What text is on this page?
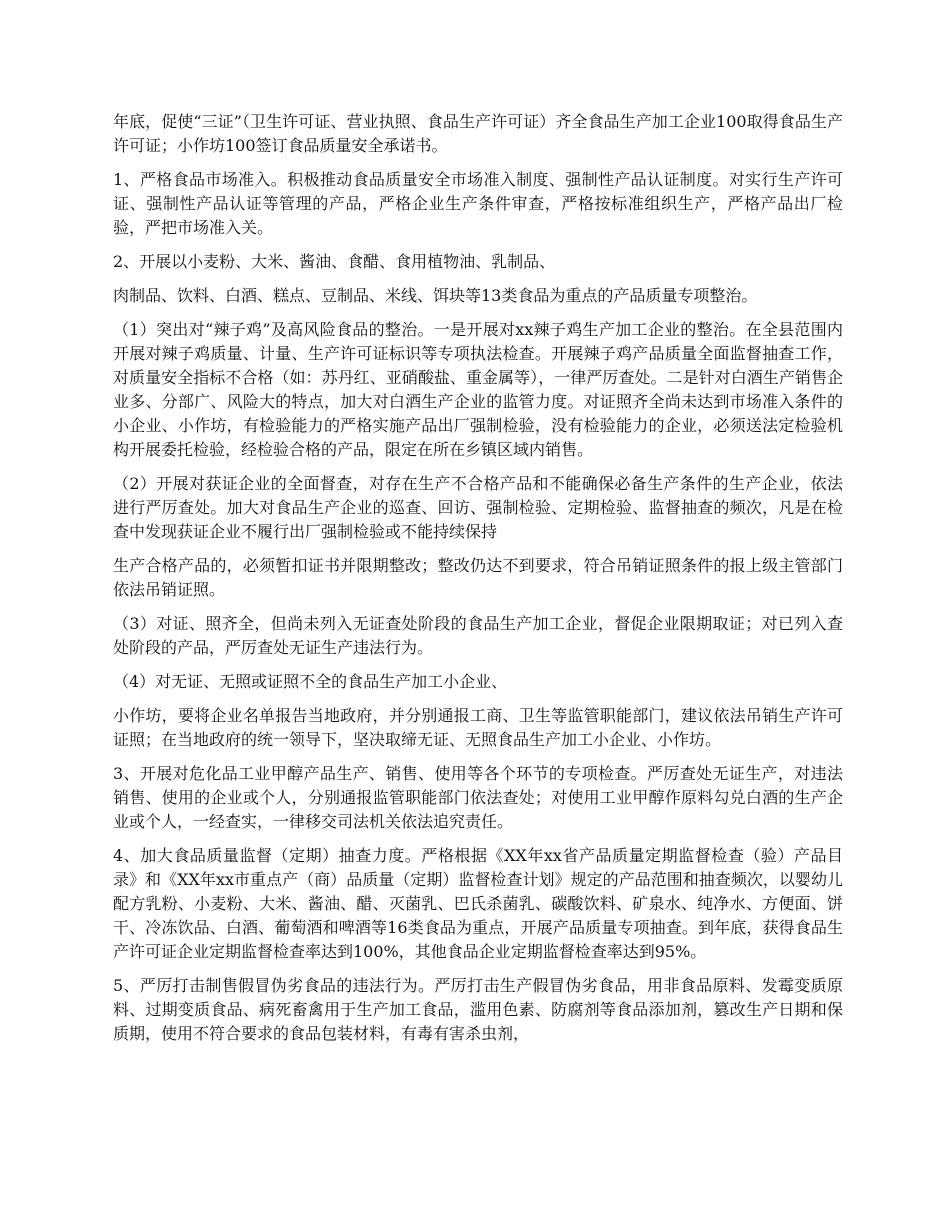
年底，促使“三证”（卫生许可证、营业执照、食品生产许可证）齐全食品生产加工企业100取得食品生产许可证；小作坊100签订食品质量安全承诺书。

1、严格食品市场准入。积极推动食品质量安全市场准入制度、强制性产品认证制度。对实行生产许可证、强制性产品认证等管理的产品，严格企业生产条件审查，严格按标准组织生产，严格产品出厂检验，严把市场准入关。

2、开展以小麦粉、大米、酱油、食醋、食用植物油、乳制品、

肉制品、饮料、白酒、糕点、豆制品、米线、饵块等13类食品为重点的产品质量专项整治。

（1）突出对“辣子鸡”及高风险食品的整治。一是开展对xx辣子鸡生产加工企业的整治。在全县范围内开展对辣子鸡质量、计量、生产许可证标识等专项执法检查。开展辣子鸡产品质量全面监督抽查工作，对质量安全指标不合格（如：苏丹红、亚硝酸盐、重金属等），一律严厉查处。二是针对白酒生产销售企业多、分部广、风险大的特点，加大对白酒生产企业的监管力度。对证照齐全尚未达到市场准入条件的小企业、小作坊，有检验能力的严格实施产品出厂强制检验，没有检验能力的企业，必须送法定检验机构开展委托检验，经检验合格的产品，限定在所在乡镇区域内销售。

（2）开展对获证企业的全面督查，对存在生产不合格产品和不能确保必备生产条件的生产企业，依法进行严厉查处。加大对食品生产企业的巡查、回访、强制检验、定期检验、监督抽查的频次，凡是在检查中发现获证企业不履行出厂强制检验或不能持续保持

生产合格产品的，必须暂扣证书并限期整改；整改仍达不到要求，符合吊销证照条件的报上级主管部门依法吊销证照。

（3）对证、照齐全，但尚未列入无证查处阶段的食品生产加工企业，督促企业限期取证；对已列入查处阶段的产品，严厉查处无证生产违法行为。

（4）对无证、无照或证照不全的食品生产加工小企业、

小作坊，要将企业名单报告当地政府，并分别通报工商、卫生等监管职能部门，建议依法吊销生产许可证照；在当地政府的统一领导下，坚决取缔无证、无照食品生产加工小企业、小作坊。

3、开展对危化品工业甲醇产品生产、销售、使用等各个环节的专项检查。严厉查处无证生产，对违法销售、使用的企业或个人，分别通报监管职能部门依法查处；对使用工业甲醇作原料勾兑白酒的生产企业或个人，一经查实，一律移交司法机关依法追究责任。

4、加大食品质量监督（定期）抽查力度。严格根据《XX年xx省产品质量定期监督检查（验）产品目录》和《XX年xx市重点产（商）品质量（定期）监督检查计划》规定的产品范围和抽查频次，以婴幼儿配方乳粉、小麦粉、大米、酱油、醋、灭菌乳、巴氏杀菌乳、碳酸饮料、矿泉水、纯净水、方便面、饼干、冷冻饮品、白酒、葡萄酒和啤酒等16类食品为重点，开展产品质量专项抽查。到年底，获得食品生产许可证企业定期监督检查率达到100%，其他食品企业定期监督检查率达到95%。

5、严厉打击制售假冒伪劣食品的违法行为。严厉打击生产假冒伪劣食品，用非食品原料、发霉变质原料、过期变质食品、病死畜禽用于生产加工食品，滥用色素、防腐剂等食品添加剂，篡改生产日期和保质期，使用不符合要求的食品包装材料，有毒有害杀虫剂，
